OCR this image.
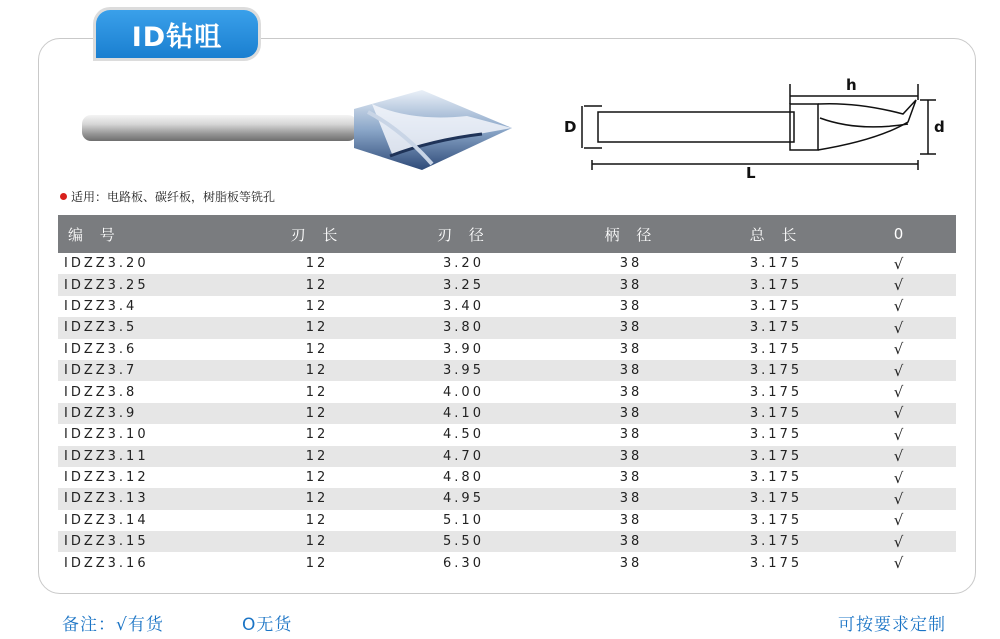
ID钻咀
h
D	d
L
适用：电路板、碳纤板，树脂板等铣孔
编 号	刃 长	刃 径	柄 径	总 长	0
IDZZ3.20	12	3.20	38	3.175	√
IDZZ3.25	12	3.25	38	3.175	√
IDZZ3.4	12	3.40	38	3.175	√
IDZZ3.5	12	3.80	38	3.175	√
IDZZ3.6	12	3.90	38	3.175	√
IDZZ3.7	12	3.95	38	3.175	√
IDZZ3.8	12	4.00	38	3.175	√
IDZZ3.9	12	4.10	38	3.175	√
IDZZ3.10	12	4.50	38	3.175	√
IDZZ3.11	12	4.70	38	3.175	√
IDZZ3.12	12	4.80	38	3.175	√
IDZZ3.13	12	4.95	38	3.175	√
IDZZ3.14	12	5.10	38	3.175	√
IDZZ3.15	12	5.50	38	3.175	√
IDZZ3.16	12	6.30	38	3.175	√
备注：√有货	O无货	可按要求定制
